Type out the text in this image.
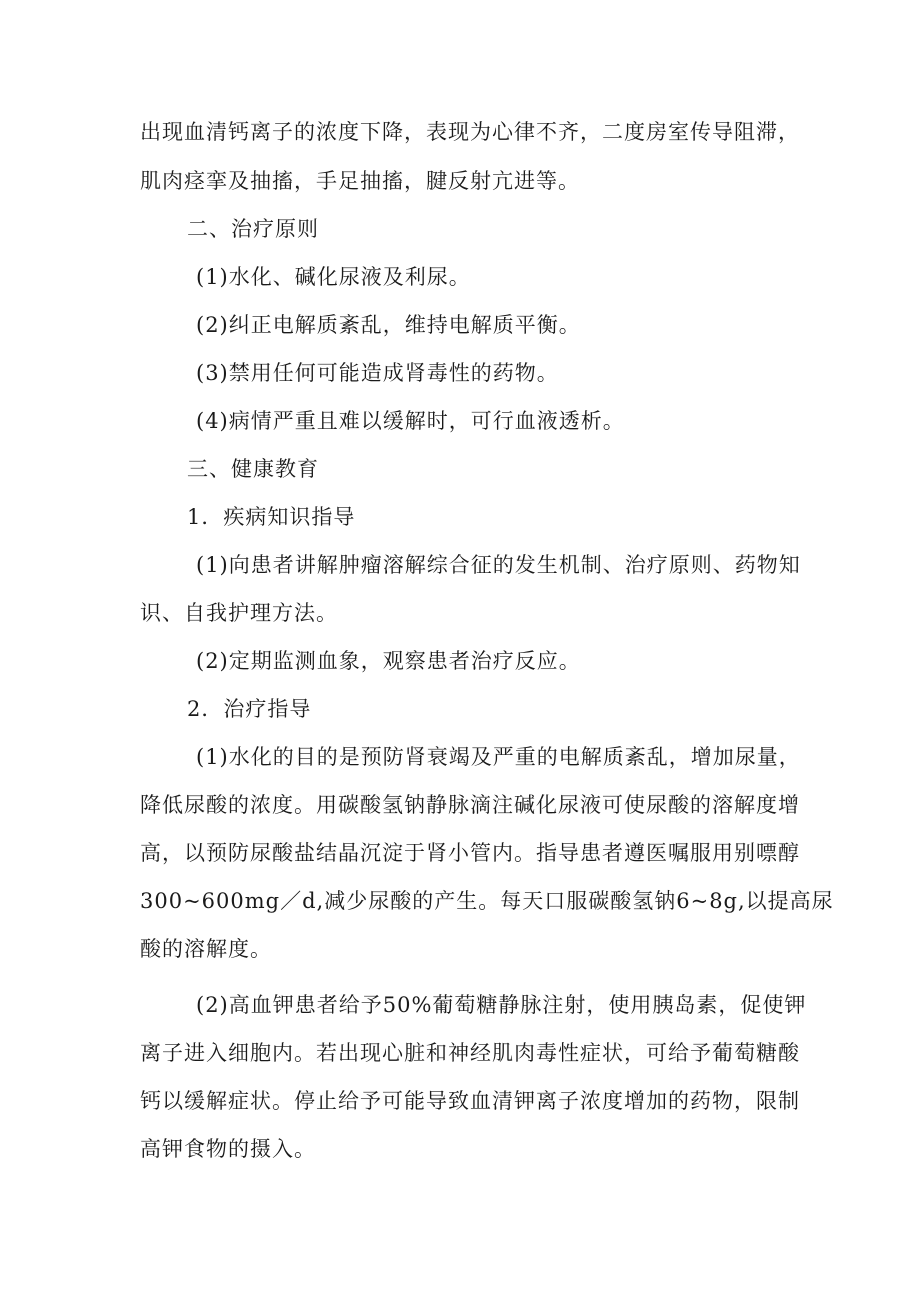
出现血清钙离子的浓度下降，表现为心律不齐，二度房室传导阻滞，
肌肉痉挛及抽搐，手足抽搐，腱反射亢进等。
二、治疗原则
(1)水化、碱化尿液及利尿。
(2)纠正电解质紊乱，维持电解质平衡。
(3)禁用任何可能造成肾毒性的药物。
(4)病情严重且难以缓解时，可行血液透析。
三、健康教育
1．疾病知识指导
(1)向患者讲解肿瘤溶解综合征的发生机制、治疗原则、药物知
识、自我护理方法。
(2)定期监测血象，观察患者治疗反应。
2．治疗指导
(1)水化的目的是预防肾衰竭及严重的电解质紊乱，增加尿量，
降低尿酸的浓度。用碳酸氢钠静脉滴注碱化尿液可使尿酸的溶解度增
高，以预防尿酸盐结晶沉淀于肾小管内。指导患者遵医嘱服用别嘌醇
300~600mg／d,减少尿酸的产生。每天口服碳酸氢钠6~8g,以提高尿
酸的溶解度。
(2)高血钾患者给予50%葡萄糖静脉注射，使用胰岛素，促使钾
离子进入细胞内。若出现心脏和神经肌肉毒性症状，可给予葡萄糖酸
钙以缓解症状。停止给予可能导致血清钾离子浓度增加的药物，限制
高钾食物的摄入。
